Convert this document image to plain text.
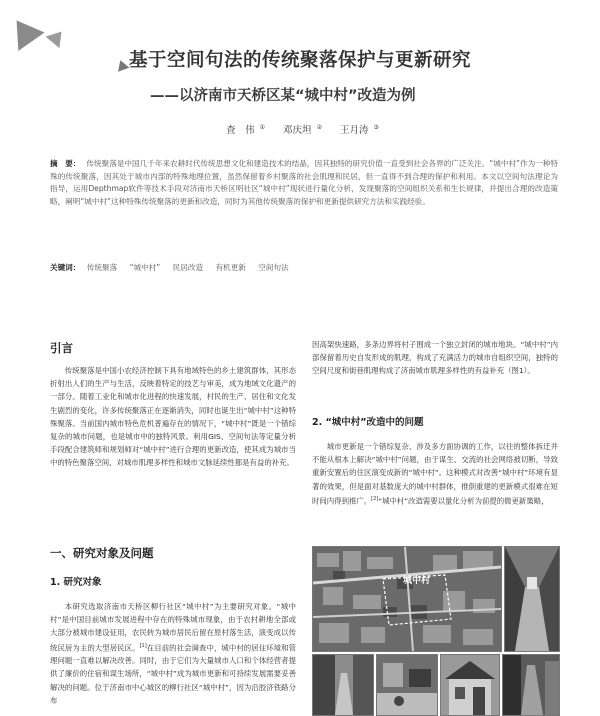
基于空间句法的传统聚落保护与更新研究
——以济南市天桥区某“城中村”改造为例
査　伟 ① 邓庆坦 ② 王月涛 ③
摘　要： 传统聚落是中国几千年来农耕时代传统思想文化和建造技术的结晶，因其独特的研究价值一直受到社会各界的广泛关注。“城中村”作为一种特殊的传统聚落，因其处于城市内部的特殊地理位置，虽然保留着乡村聚落的社会肌理和民居，但一直得不到合理的保护和利用。本文以空间句法理论为指导，运用Depthmap软件等技术手段对济南市天桥区明社区“城中村”现状进行量化分析，发现聚落的空间组织关系和生长规律，并提出合理的改造策略，阐明“城中村”这种特殊传统聚落的更新和改造，同时为其他传统聚落的保护和更新提供研究方法和实践经验。
关键词： 传统聚落 “城中村” 民居改造 有机更新 空间句法
引言

传统聚落是中国小农经济控制下具有地域特色的乡土建筑群体，其形态折射出人们的生产与生活，反映着特定的技艺与审美，成为地域文化遗产的一部分。随着工业化和城市化进程的快速发展，村民的生产、居住和文化发生剧烈的变化，许多传统聚落正在逐渐消失，同时也诞生出“城中村”这种特殊聚落。当前国内城市特色危机普遍存在的情况下，“城中村”既是一个错综复杂的城市问题，也是城市中的独特风景。利用GIS、空间句法等定量分析手段配合建筑师和规划师对“城中村”进行合理的更新改造，使其成为城市当中的特色聚落空间，对城市肌理多样性和城市文脉延续性都是有益的补充。

一、研究对象及问题
1. 研究对象

本研究选取济南市天桥区柳行社区“城中村”为主要研究对象。“城中村”是中国目前城市发展进程中存在的特殊城市现象，由于农村耕地全部或大部分被城市建设征用，农民转为城市居民后留在原村落生活，演变成以传统民居为主的大型居民区。[1]在目前的社会调查中，城中村的居住环境和管理问题一直难以解决改善。同时，由于它们为大量城市人口和个体经营者提供了廉价的住宿和谋生场所，“城中村”成为城市更新和可持续发展需要妥善解决的问题。位于济南市中心城区的柳行社区“城中村”，因为沿胶济铁路分布

因高架快速路，多条边界将村子围成一个独立封闭的城市地块。“城中村”内部保留着历史自发形成的肌理，构成了充满活力的城市自组织空间，独特的空间尺度和街巷肌理构成了济南城市肌理多样性的有益补充（图1）。

2. “城中村”改造中的问题

城市更新是一个错综复杂、涉及多方面协调的工作，以往的整体拆迁并不能从根本上解决“城中村”问题，由于谋生、交流的社会网络被切断，导致重新安置后的住区演变成新的“城中村”。这种模式对改善“城中村”环境有显著的效果，但是面对基数庞大的城中村群体，推倒重建的更新模式很难在短时间内得到推广。[2]“城中村”改造需要以量化分析为前提的微更新策略，

城中村
